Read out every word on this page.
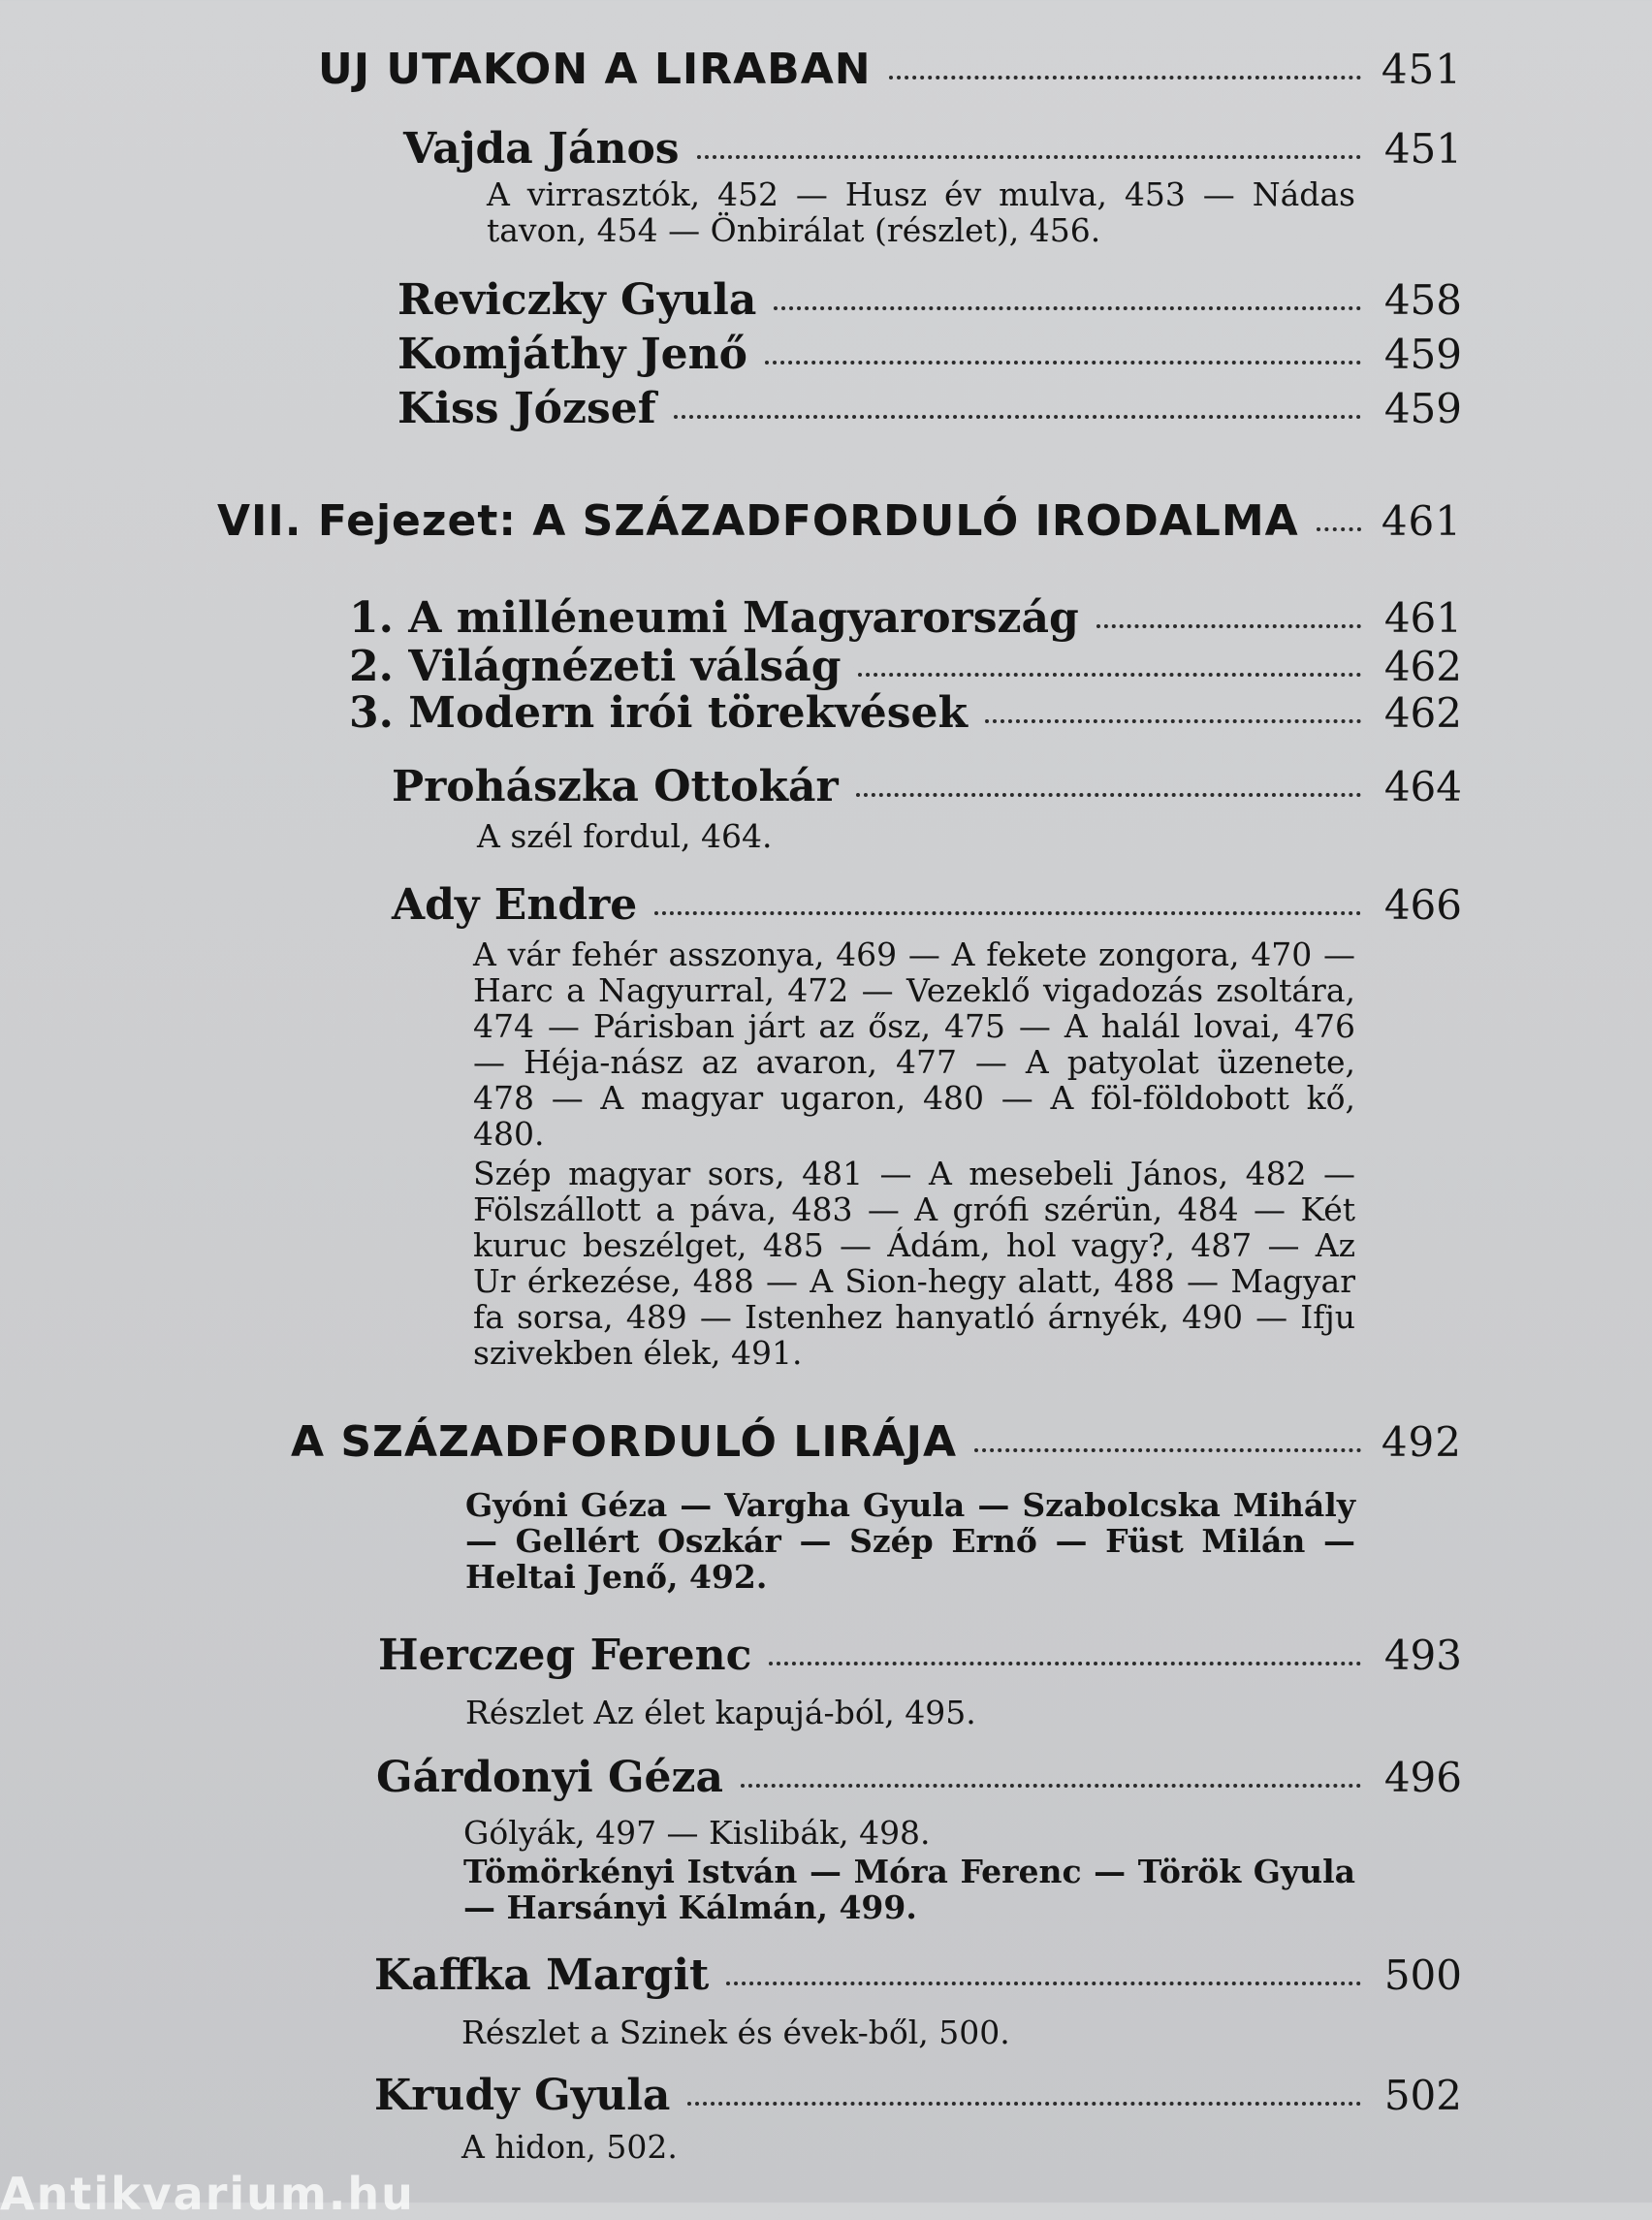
UJ UTAKON A LIRABAN	451
Vajda János	451
A virrasztók, 452 — Husz év mulva, 453 — Nádas tavon, 454 — Önbirálat (részlet), 456.
Reviczky Gyula	458
Komjáthy Jenő	459
Kiss József	459
VII. Fejezet: A SZÁZADFORDULÓ IRODALMA 461
1. A milléneumi Magyarország	461
2. Világnézeti válság	462
3. Modern irói törekvések	462
Prohászka Ottokár	464
A szél fordul, 464.
Ady Endre	466
A vár fehér asszonya, 469 — A fekete zongora, 470 — Harc a Nagyurral, 472 — Vezeklő vigadozás zsoltára, 474 — Párisban járt az ősz, 475 — A halál lovai, 476 — Héja-nász az avaron, 477 — A patyolat üzenete, 478 — A magyar ugaron, 480 — A föl-földobott kő, 480.
Szép magyar sors, 481 — A mesebeli János, 482 — Fölszállott a páva, 483 — A grófi szérün, 484 — Két kuruc beszélget, 485 — Ádám, hol vagy?, 487 — Az Ur érkezése, 488 — A Sion-hegy alatt, 488 — Magyar fa sorsa, 489 — Istenhez hanyatló árnyék, 490 — Ifju szivekben élek, 491.
A SZÁZADFORDULÓ LIRÁJA	492
Gyóni Géza — Vargha Gyula — Szabolcska Mihály — Gellért Oszkár — Szép Ernő — Füst Milán — Heltai Jenő, 492.
Herczeg Ferenc	493
Részlet Az élet kapujá-ból, 495.
Gárdonyi Géza	496
Gólyák, 497 — Kislibák, 498.
Tömörkényi István — Móra Ferenc — Török Gyula — Harsányi Kálmán, 499.
Kaffka Margit	500
Részlet a Szinek és évek-ből, 500.
Krudy Gyula	502
A hidon, 502.
Antikvarium.hu
